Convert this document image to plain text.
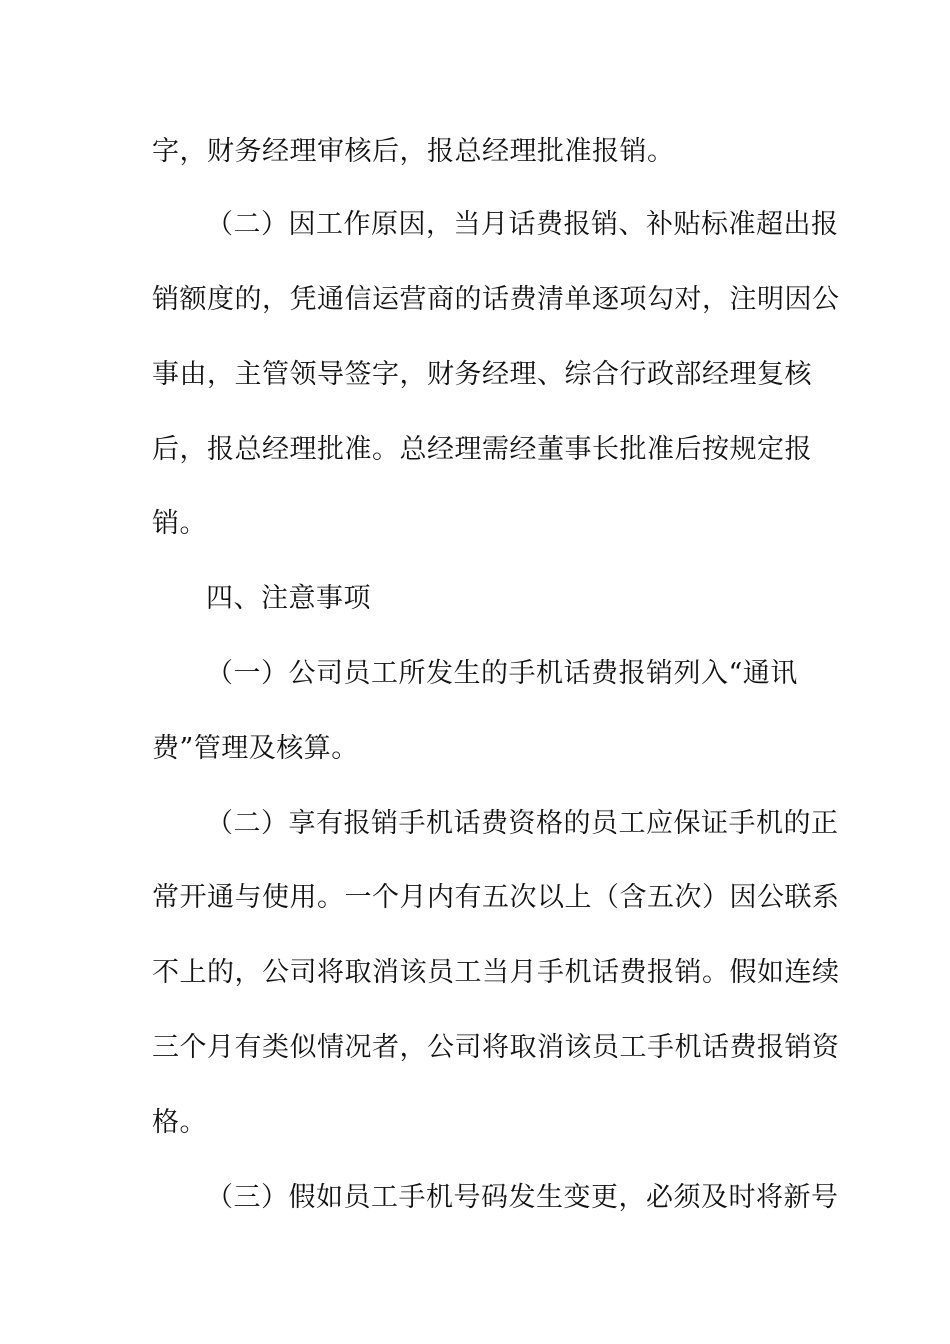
字，财务经理审核后，报总经理批准报销。
（二）因工作原因，当月话费报销、补贴标准超出报
销额度的，凭通信运营商的话费清单逐项勾对，注明因公
事由，主管领导签字，财务经理、综合行政部经理复核
后，报总经理批准。总经理需经董事长批准后按规定报
销。
四、注意事项
（一）公司员工所发生的手机话费报销列入“通讯
费”管理及核算。
（二）享有报销手机话费资格的员工应保证手机的正
常开通与使用。一个月内有五次以上（含五次）因公联系
不上的，公司将取消该员工当月手机话费报销。假如连续
三个月有类似情况者，公司将取消该员工手机话费报销资
格。
（三）假如员工手机号码发生变更，必须及时将新号
